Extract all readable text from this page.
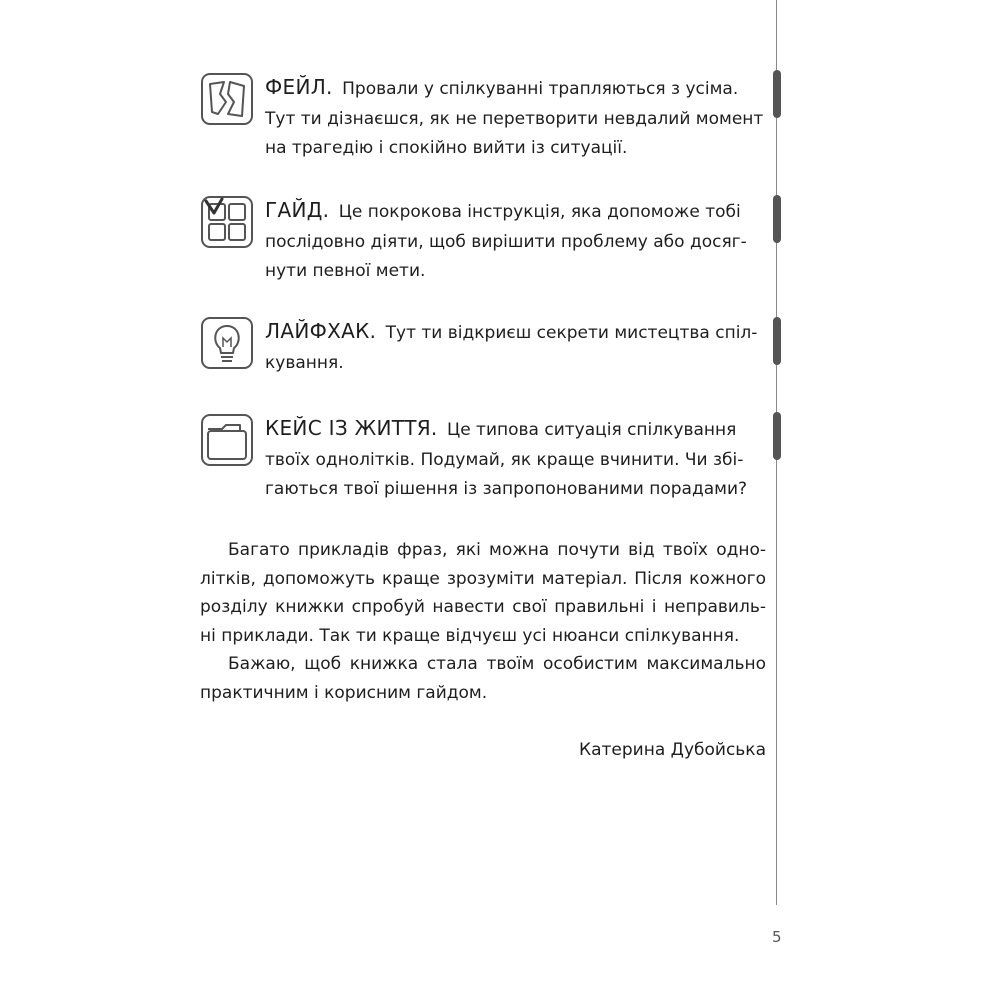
ФЕЙЛ. Провали у спілкуванні трапляються з усіма.
Тут ти дізнаєшся, як не перетворити невдалий момент
на трагедію і спокійно вийти із ситуації.
ГАЙД. Це покрокова інструкція, яка допоможе тобі
послідовно діяти, щоб вирішити проблему або досяг-
нути певної мети.
ЛАЙФХАК. Тут ти відкриєш секрети мистецтва спіл-
кування.
КЕЙС ІЗ ЖИТТЯ. Це типова ситуація спілкування
твоїх однолітків. Подумай, як краще вчинити. Чи збі-
гаються твої рішення із запропонованими порадами?

Багато прикладів фраз, які можна почути від твоїх одно-літків, допоможуть краще зрозуміти матеріал. Після кожного розділу книжки спробуй навести свої правильні і неправиль-ні приклади. Так ти краще відчуєш усі нюанси спілкування.

Бажаю, щоб книжка стала твоїм особистим максимально практичним і корисним гайдом.

Катерина Дубойська
5
